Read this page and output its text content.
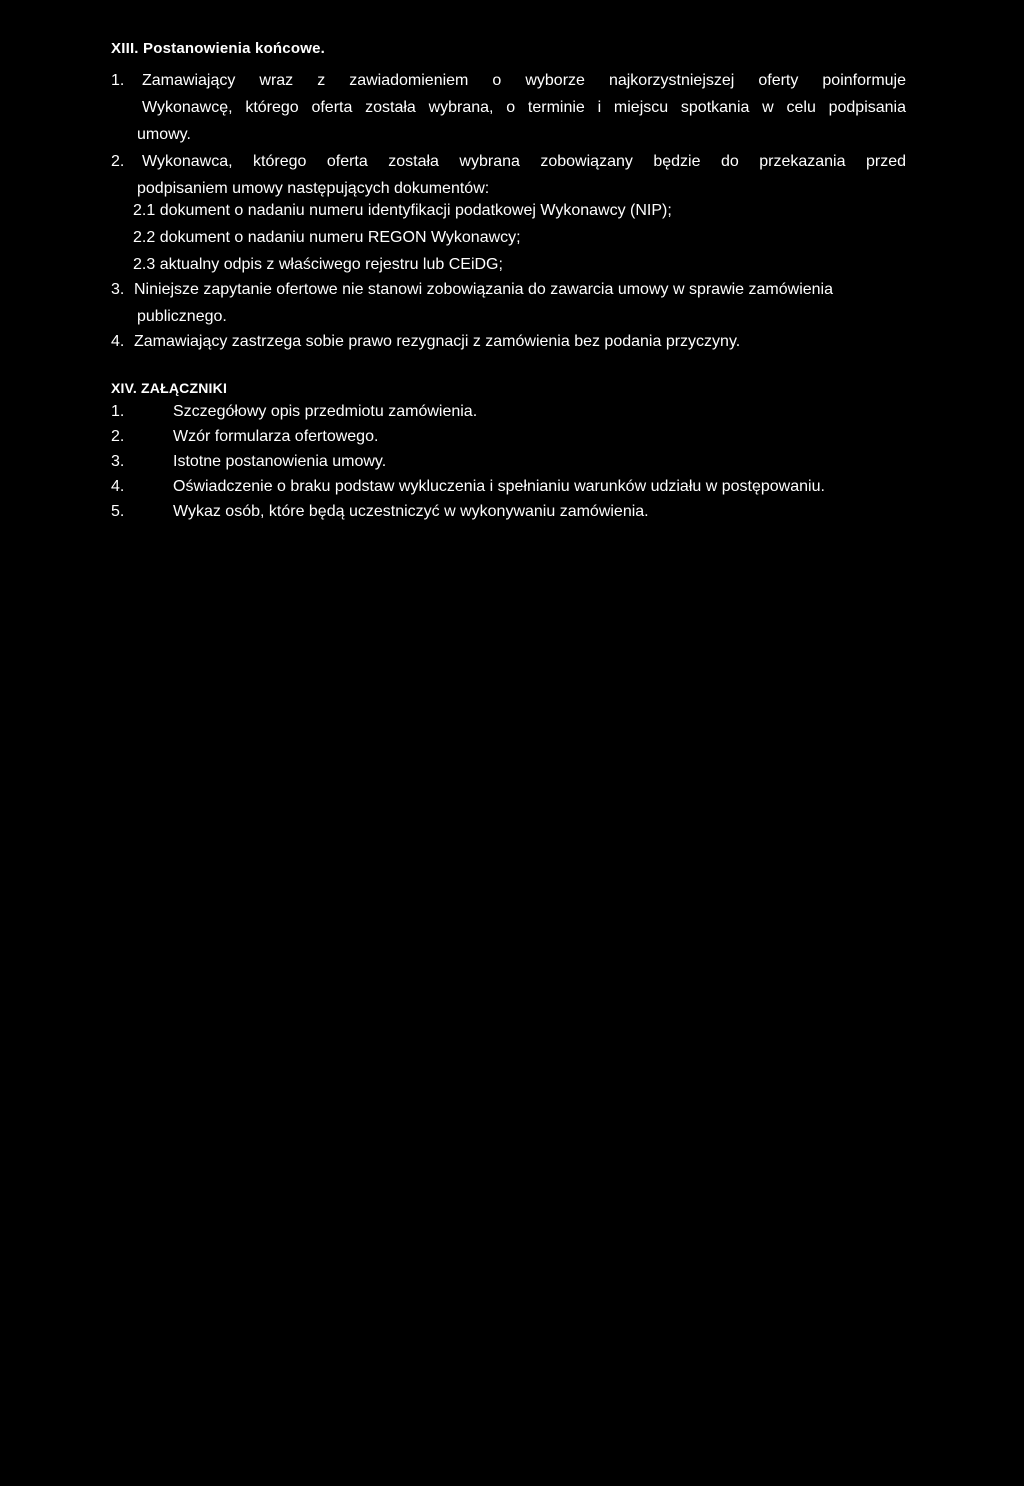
XIII. Postanowienia końcowe.
1. Zamawiający wraz z zawiadomieniem o wyborze najkorzystniejszej oferty poinformuje
Wykonawcę, którego oferta została wybrana, o terminie i miejscu spotkania w celu podpisania
umowy.
2. Wykonawca, którego oferta została wybrana zobowiązany będzie do przekazania przed
podpisaniem umowy następujących dokumentów:
2.1 dokument o nadaniu numeru identyfikacji podatkowej Wykonawcy (NIP);
2.2 dokument o nadaniu numeru REGON Wykonawcy;
2.3 aktualny odpis z właściwego rejestru lub CEiDG;
3. Niniejsze zapytanie ofertowe nie stanowi zobowiązania do zawarcia umowy w sprawie zamówienia
publicznego.
4. Zamawiający zastrzega sobie prawo rezygnacji z zamówienia bez podania przyczyny.
XIV. ZAŁĄCZNIKI
1.	Szczegółowy opis przedmiotu zamówienia.
2.	Wzór formularza ofertowego.
3.	Istotne postanowienia umowy.
4.	Oświadczenie o braku podstaw wykluczenia i spełnianiu warunków udziału w postępowaniu.
5.	Wykaz osób, które będą uczestniczyć w wykonywaniu zamówienia.
